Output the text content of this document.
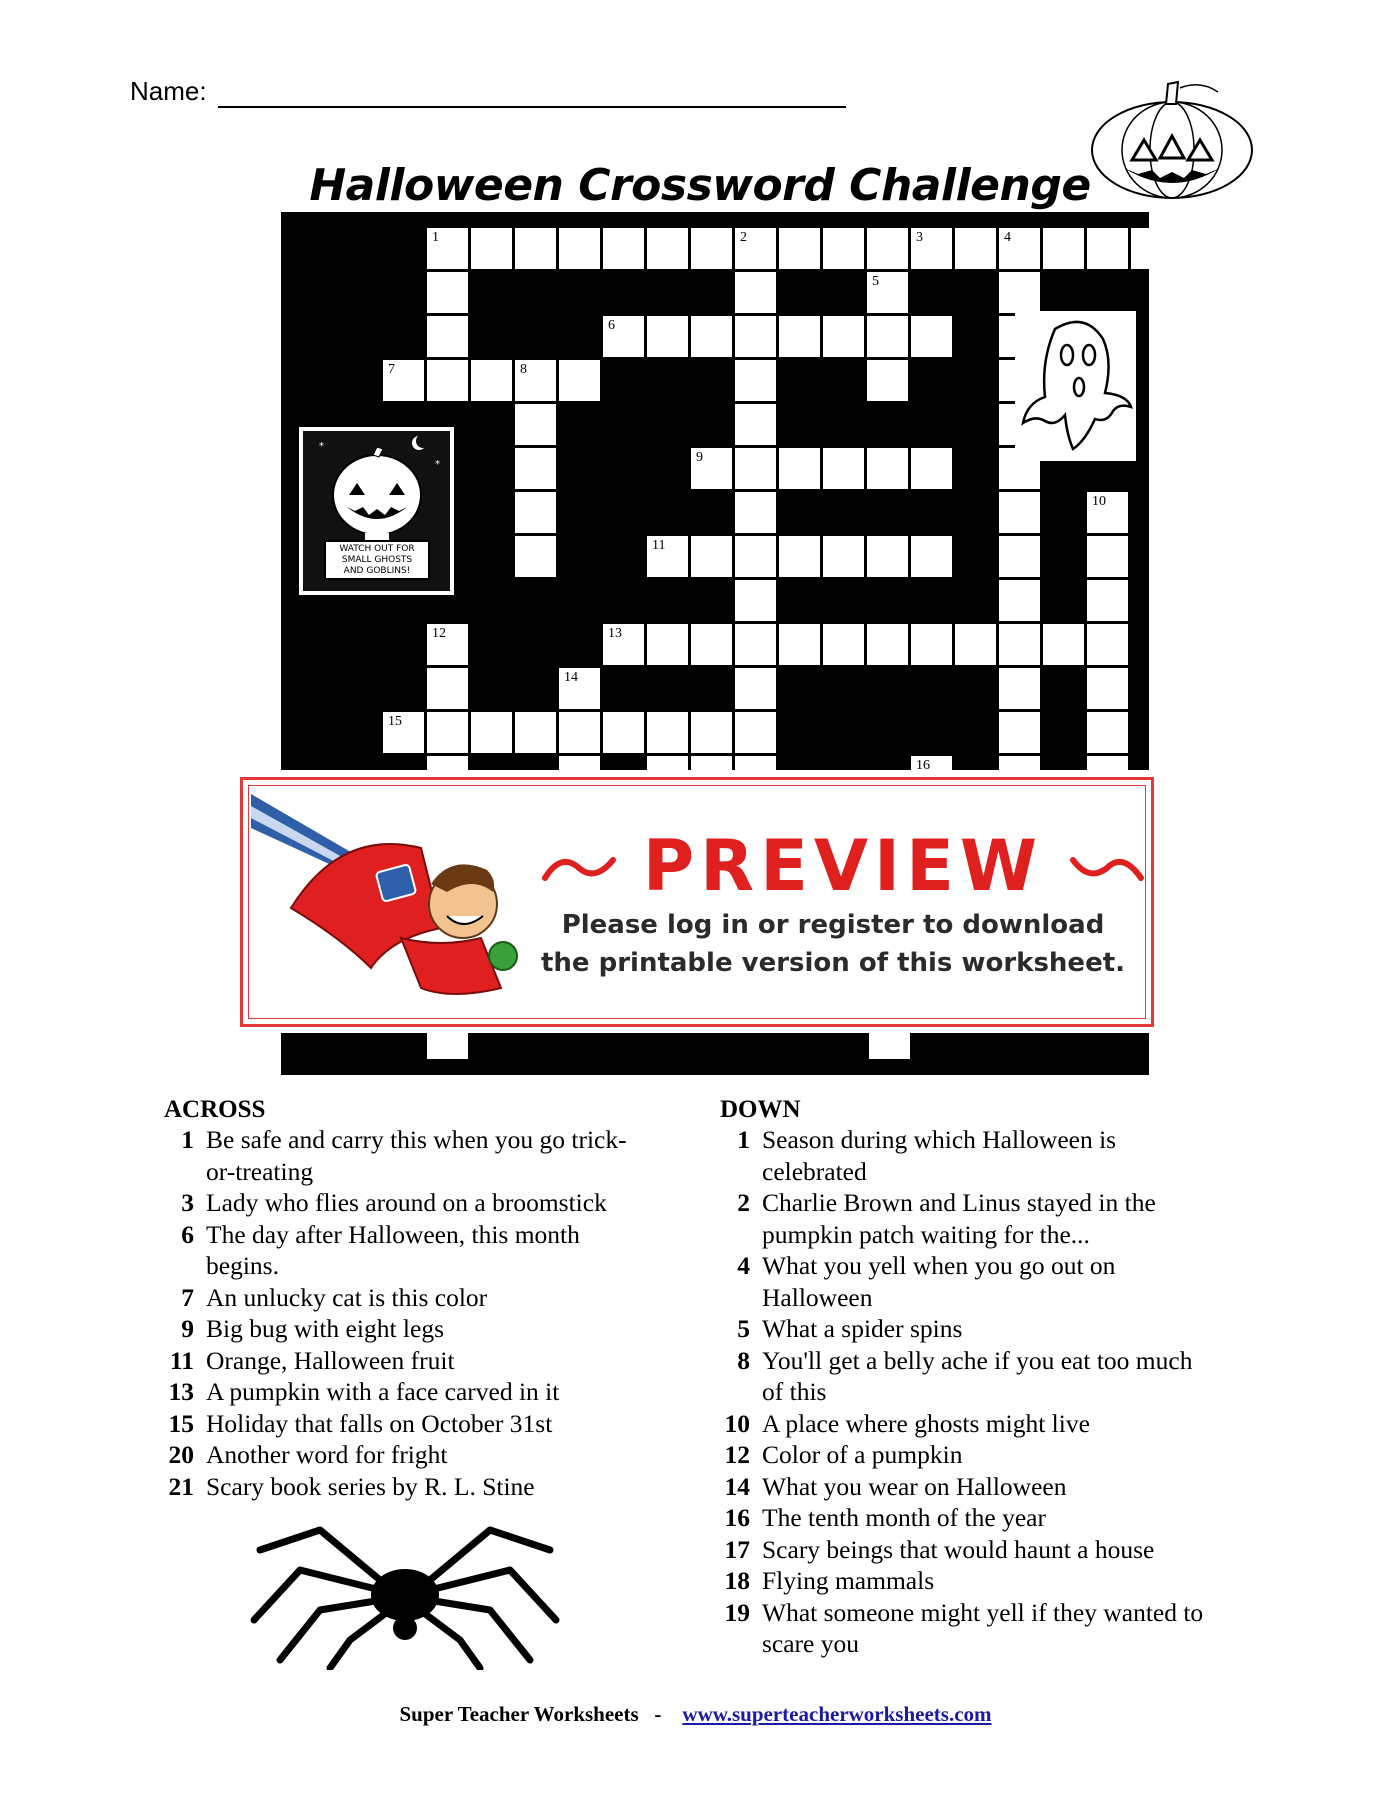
Name:
Halloween Crossword Challenge
1	2	3	4
5
6
7	8
9
10
11
12	13
14
15
16
*
*
WATCH OUT FOR
SMALL GHOSTS
AND GOBLINS!
PREVIEW
Please log in or register to download
the printable version of this worksheet.
ACROSS
1 Be safe and carry this when you go trick-
or-treating
3 Lady who flies around on a broomstick
6 The day after Halloween, this month
begins.
7 An unlucky cat is this color
9 Big bug with eight legs
11 Orange, Halloween fruit
13 A pumpkin with a face carved in it
15 Holiday that falls on October 31st
20 Another word for fright
21 Scary book series by R. L. Stine
DOWN
1 Season during which Halloween is
celebrated
2 Charlie Brown and Linus stayed in the
pumpkin patch waiting for the...
4 What you yell when you go out on
Halloween
5 What a spider spins
8 You'll get a belly ache if you eat too much
of this
10 A place where ghosts might live
12 Color of a pumpkin
14 What you wear on Halloween
16 The tenth month of the year
17 Scary beings that would haunt a house
18 Flying mammals
19 What someone might yell if they wanted to
scare you
Super Teacher Worksheets - www.superteacherworksheets.com
